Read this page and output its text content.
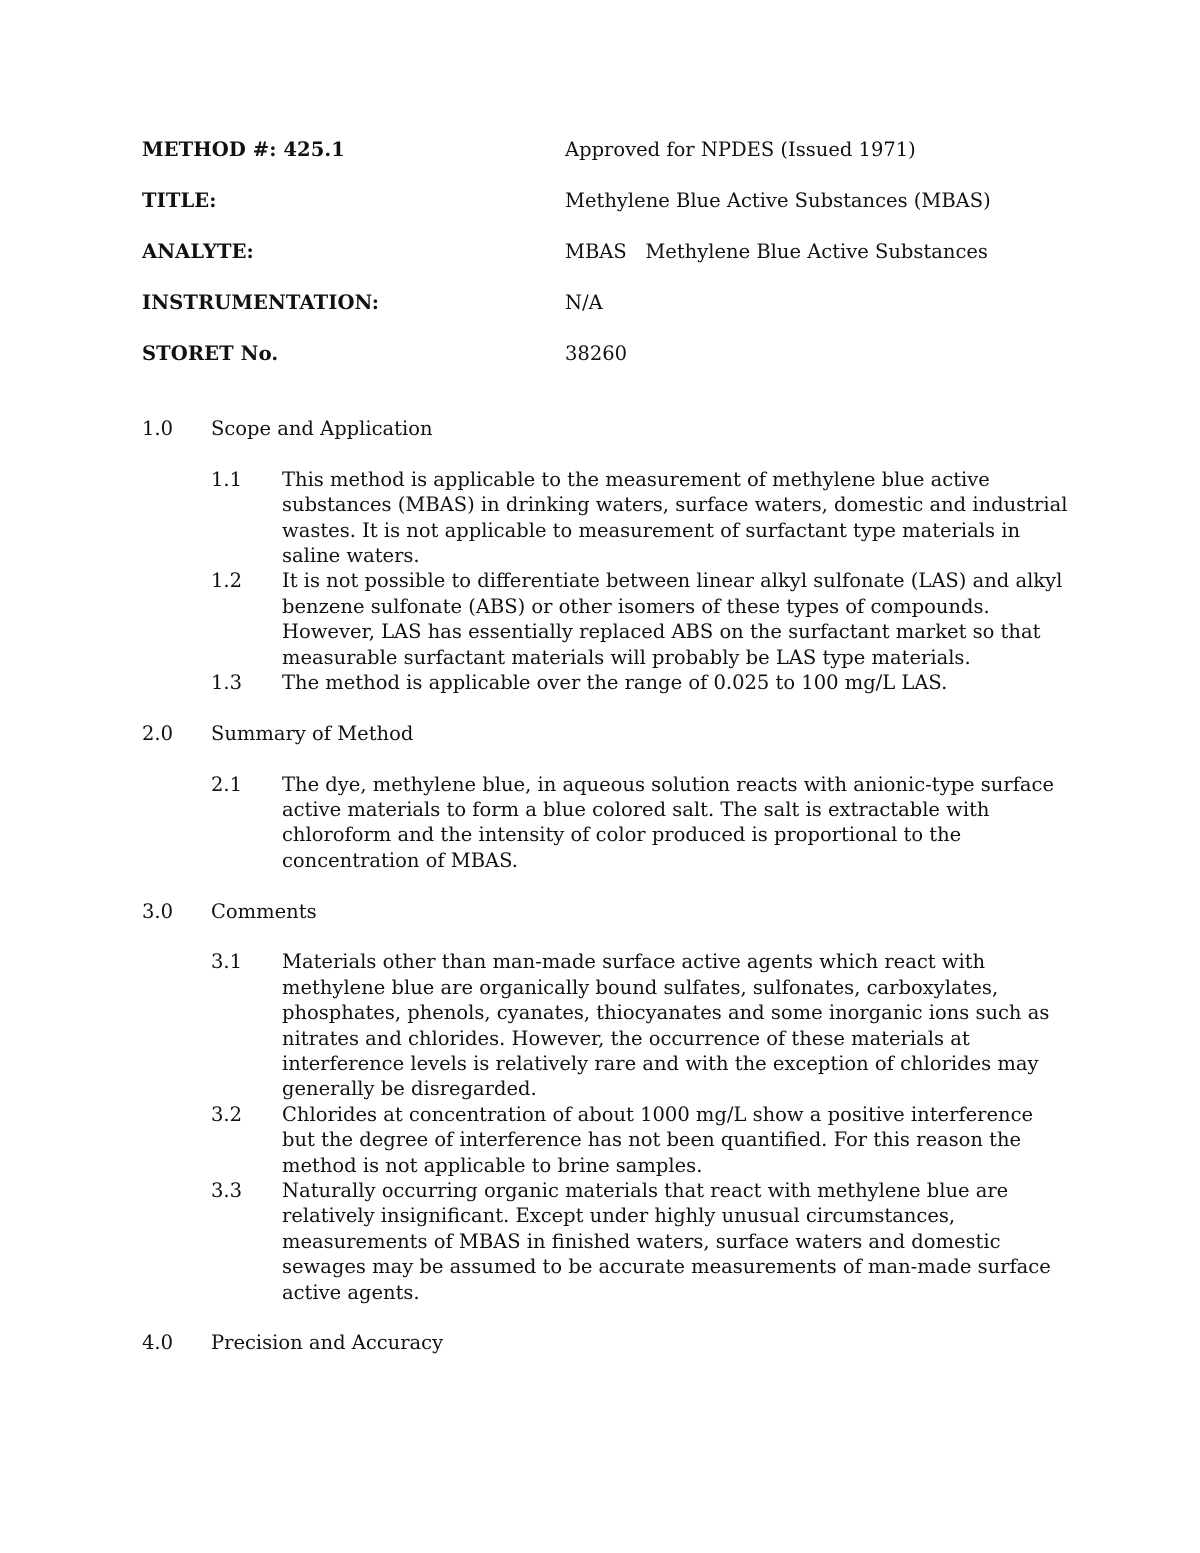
METHOD #: 425.1	Approved for NPDES (Issued 1971)
TITLE:	Methylene Blue Active Substances (MBAS)
ANALYTE:	MBAS   Methylene Blue Active Substances
INSTRUMENTATION:	N/A
STORET No.	38260
1.0	Scope and Application
1.1	This method is applicable to the measurement of methylene blue active
substances (MBAS) in drinking waters, surface waters, domestic and industrial
wastes. It is not applicable to measurement of surfactant type materials in
saline waters.
1.2	It is not possible to differentiate between linear alkyl sulfonate (LAS) and alkyl
benzene sulfonate (ABS) or other isomers of these types of compounds.
However, LAS has essentially replaced ABS on the surfactant market so that
measurable surfactant materials will probably be LAS type materials.
1.3	The method is applicable over the range of 0.025 to 100 mg/L LAS.
2.0	Summary of Method
2.1	The dye, methylene blue, in aqueous solution reacts with anionic-type surface
active materials to form a blue colored salt. The salt is extractable with
chloroform and the intensity of color produced is proportional to the
concentration of MBAS.
3.0	Comments
3.1	Materials other than man-made surface active agents which react with
methylene blue are organically bound sulfates, sulfonates, carboxylates,
phosphates, phenols, cyanates, thiocyanates and some inorganic ions such as
nitrates and chlorides. However, the occurrence of these materials at
interference levels is relatively rare and with the exception of chlorides may
generally be disregarded.
3.2	Chlorides at concentration of about 1000 mg/L show a positive interference
but the degree of interference has not been quantified. For this reason the
method is not applicable to brine samples.
3.3	Naturally occurring organic materials that react with methylene blue are
relatively insignificant. Except under highly unusual circumstances,
measurements of MBAS in finished waters, surface waters and domestic
sewages may be assumed to be accurate measurements of man-made surface
active agents.
4.0	Precision and Accuracy
